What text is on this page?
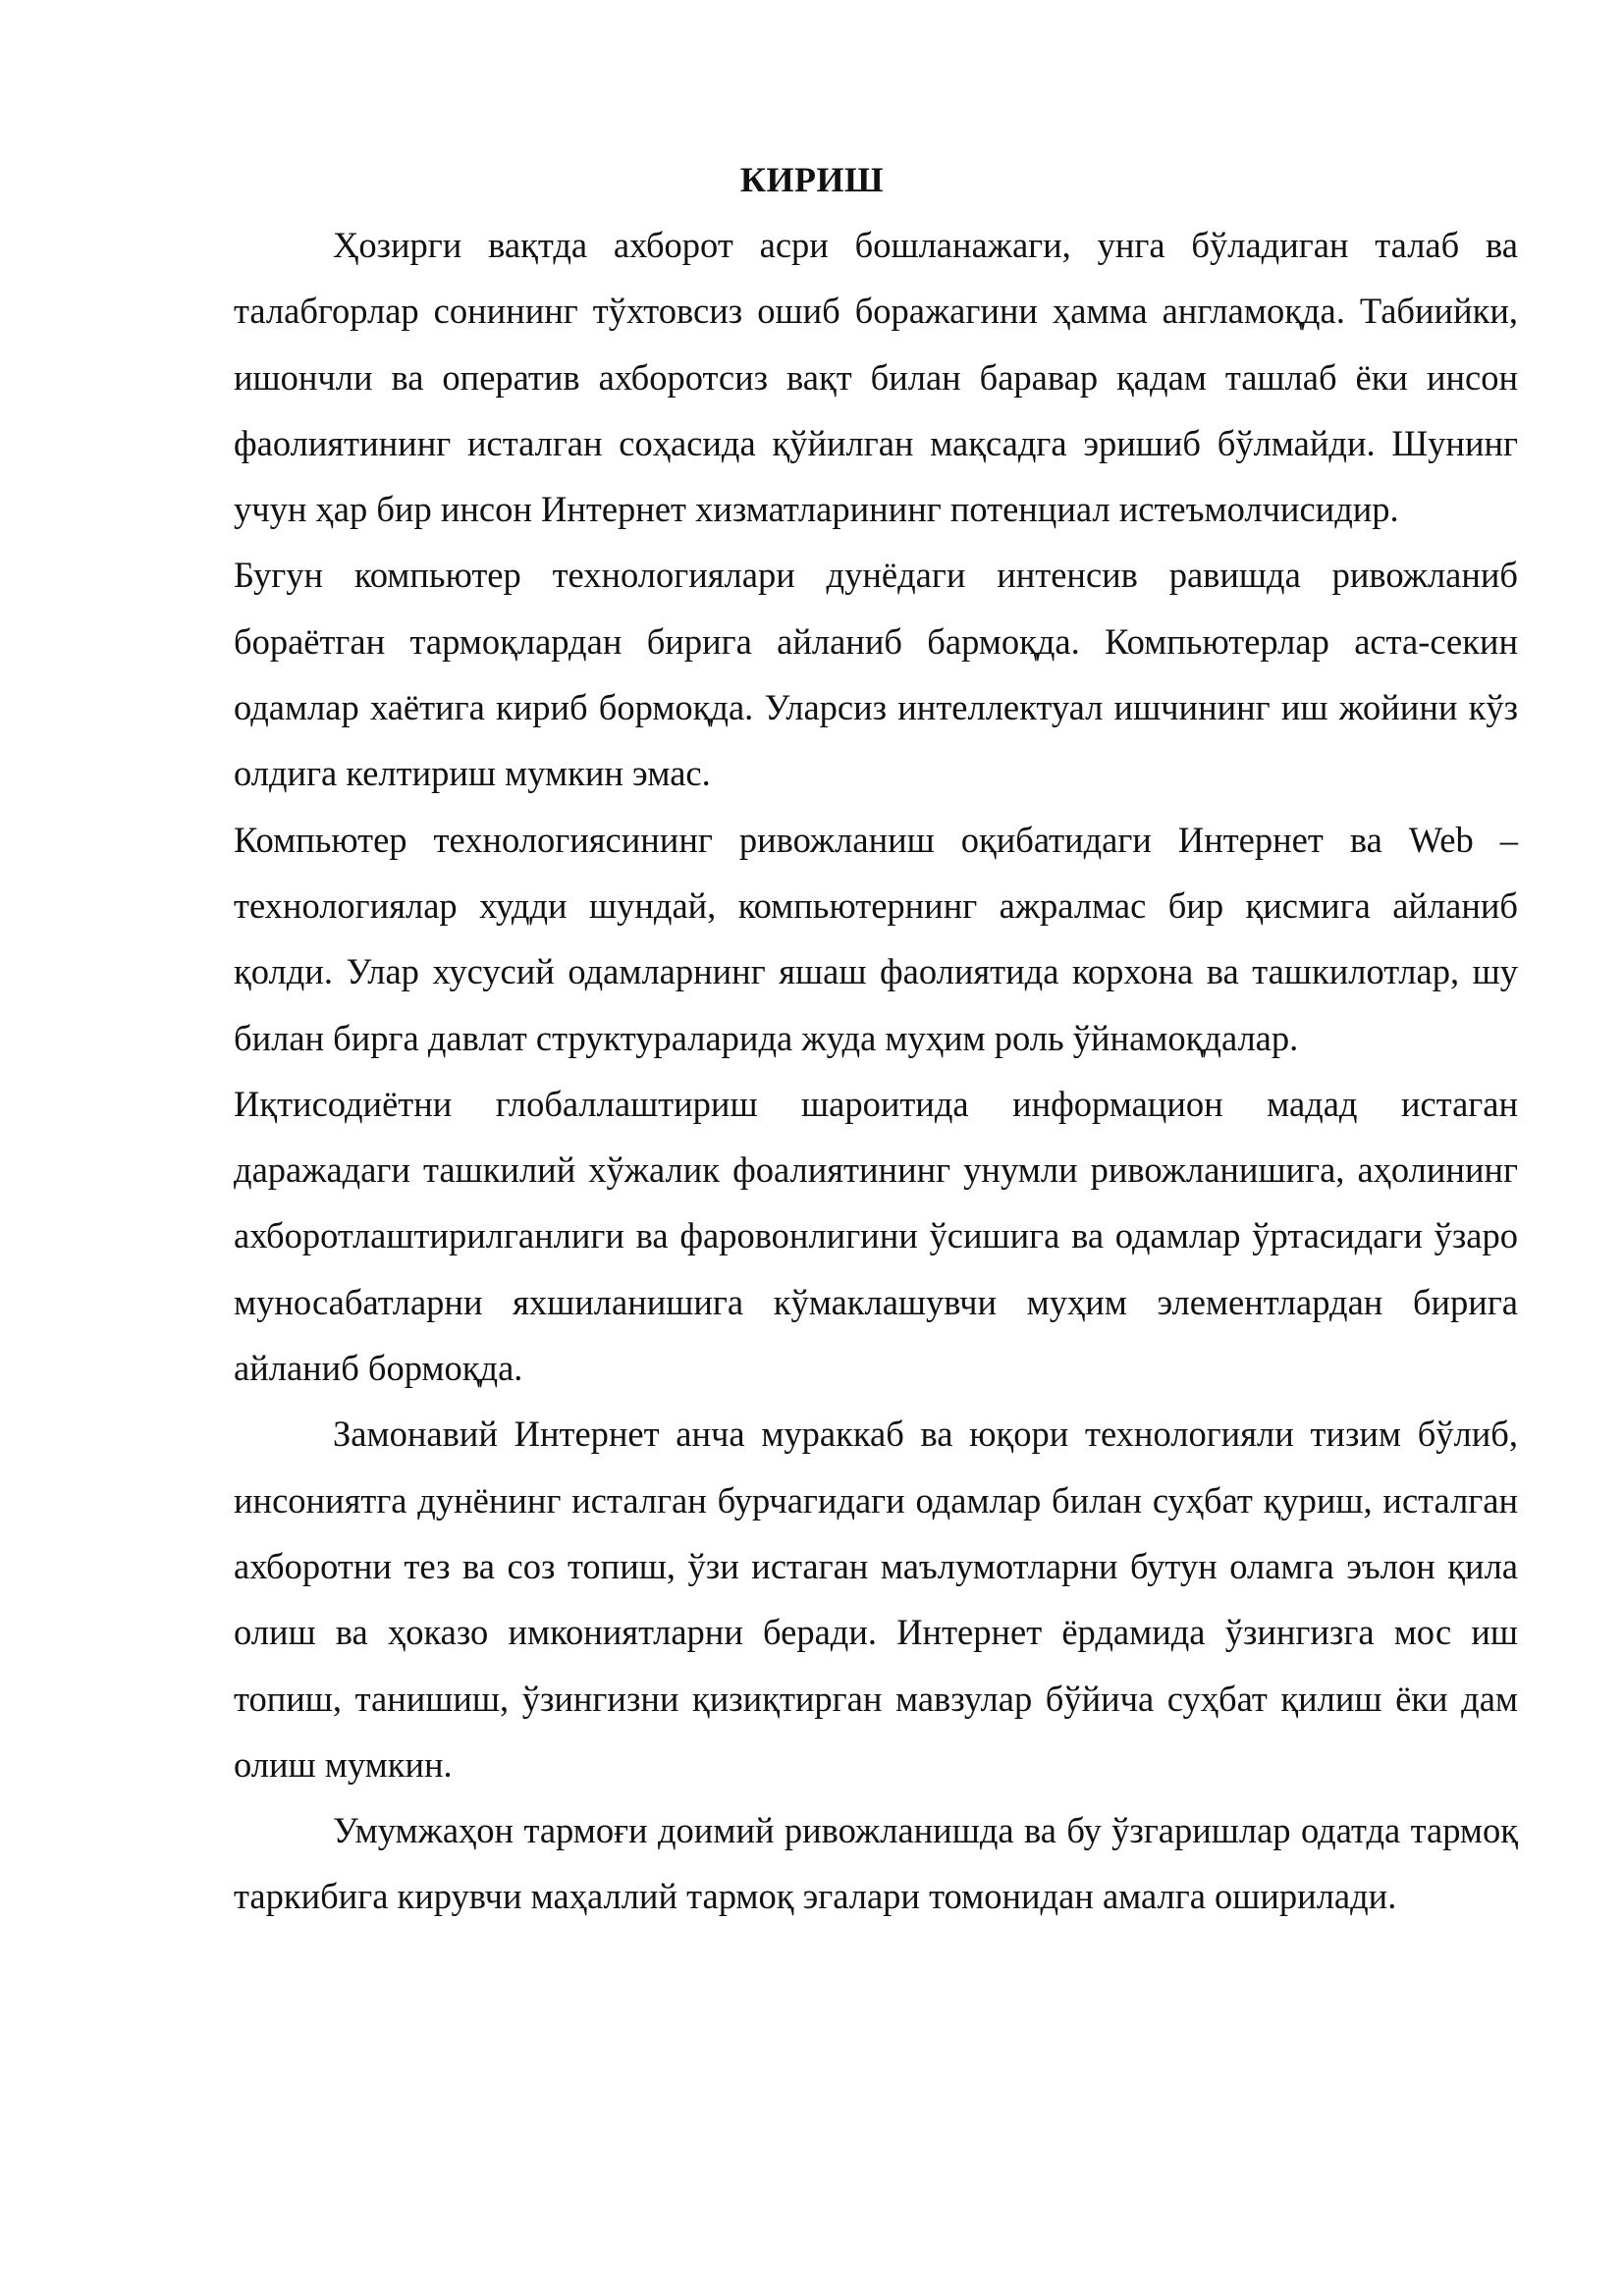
КИРИШ

Ҳозирги вақтда ахборот асри бошланажаги, унга бўладиган талаб ва талабгорлар сонининг тўхтовсиз ошиб боражагини ҳамма англамоқда. Табиийки, ишончли ва оператив ахборотсиз вақт билан баравар қадам ташлаб ёки инсон фаолиятининг исталган соҳасида қўйилган мақсадга эришиб бўлмайди. Шунинг учун ҳар бир инсон Интернет хизматларининг потенциал истеъмолчисидир.

Бугун компьютер технологиялари дунёдаги интенсив равишда ривожланиб бораётган тармоқлардан бирига айланиб бармоқда. Компьютерлар аста-секин одамлар хаётига кириб бормоқда. Уларсиз интеллектуал ишчининг иш жойини кўз олдига келтириш мумкин эмас.

Компьютер технологиясининг ривожланиш оқибатидаги Интернет ва Web – технологиялар худди шундай, компьютернинг ажралмас бир қисмига айланиб қолди. Улар хусусий одамларнинг яшаш фаолиятида корхона ва ташкилотлар, шу билан бирга давлат структураларида жуда муҳим роль ўйнамоқдалар.

Иқтисодиётни глобаллаштириш шароитида информацион мадад истаган даражадаги ташкилий хўжалик фоалиятининг унумли ривожланишига, аҳолининг ахборотлаштирилганлиги ва фаровонлигини ўсишига ва одамлар ўртасидаги ўзаро муносабатларни яхшиланишига кўмаклашувчи муҳим элементлардан бирига айланиб бормоқда.

Замонавий Интернет анча мураккаб ва юқори технологияли тизим бўлиб, инсониятга дунёнинг исталган бурчагидаги одамлар билан суҳбат қуриш, исталган ахборотни тез ва соз топиш, ўзи истаган маълумотларни бутун оламга эълон қила олиш ва ҳоказо имкониятларни беради. Интернет ёрдамида ўзингизга мос иш топиш, танишиш, ўзингизни қизиқтирган мавзулар бўйича суҳбат қилиш ёки дам олиш мумкин.

Умумжаҳон тармоғи доимий ривожланишда ва бу ўзгаришлар одатда тармоқ таркибига кирувчи маҳаллий тармоқ эгалари томонидан амалга оширилади.
